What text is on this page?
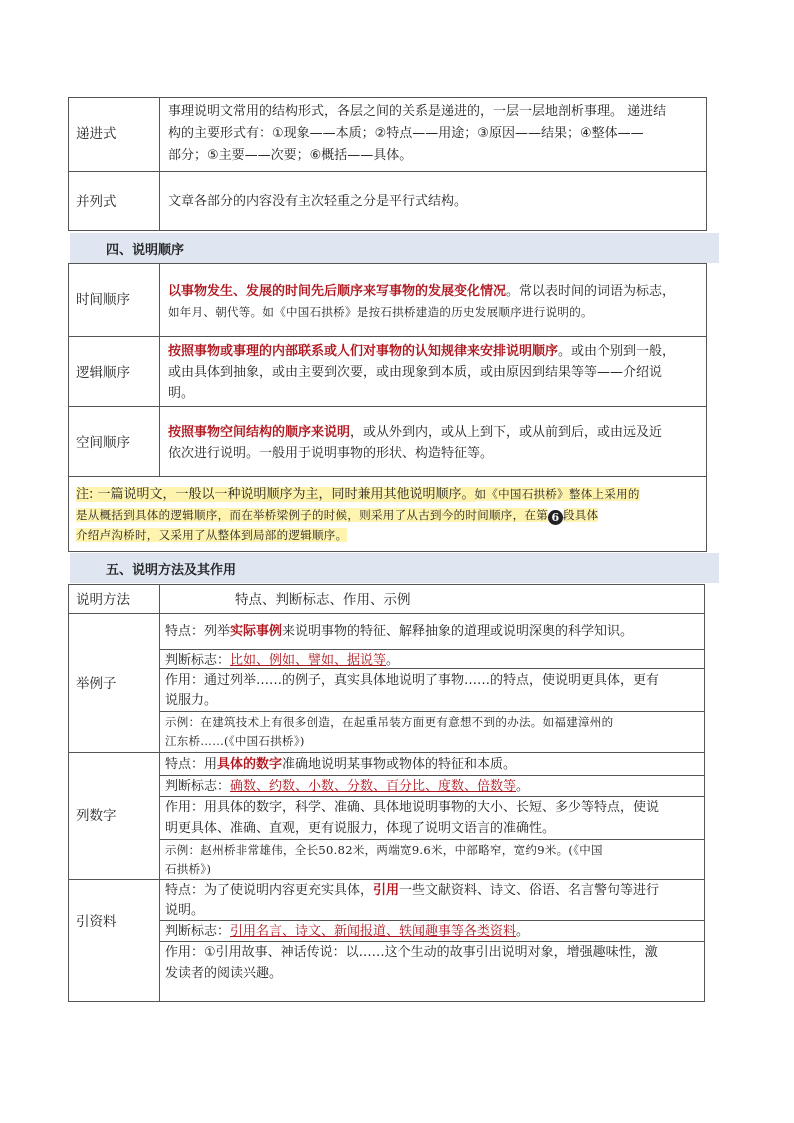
递进式
事理说明文常用的结构形式，各层之间的关系是递进的，一层一层地剖析事理。 递进结
构的主要形式有：①现象——本质；②特点——用途；③原因——结果；④整体——
部分；⑤主要——次要；⑥概括——具体。
并列式	文章各部分的内容没有主次轻重之分是平行式结构。
四、说明顺序
时间顺序
以事物发生、发展的时间先后顺序来写事物的发展变化情况。常以表时间的词语为标志，
如年月、朝代等。如《中国石拱桥》是按石拱桥建造的历史发展顺序进行说明的。
逻辑顺序
按照事物或事理的内部联系或人们对事物的认知规律来安排说明顺序。或由个别到一般，
或由具体到抽象，或由主要到次要，或由现象到本质，或由原因到结果等等——介绍说
明。
空间顺序
按照事物空间结构的顺序来说明，或从外到内，或从上到下，或从前到后，或由远及近
依次进行说明。一般用于说明事物的形状、构造特征等。
注: 一篇说明文，一般以一种说明顺序为主，同时兼用其他说明顺序。如《中国石拱桥》整体上采用的
是从概括到具体的逻辑顺序，而在举桥梁例子的时候，则采用了从古到今的时间顺序，在第 6 段具体
介绍卢沟桥时，又采用了从整体到局部的逻辑顺序。
五、说明方法及其作用
说明方法	特点、判断标志、作用、示例
举例子
特点：列举实际事例来说明事物的特征、解释抽象的道理或说明深奥的科学知识。
判断标志：比如、例如、譬如、据说等。
作用：通过列举……的例子，真实具体地说明了事物……的特点，使说明更具体，更有
说服力。
示例：在建筑技术上有很多创造，在起重吊装方面更有意想不到的办法。如福建漳州的
江东桥……(《中国石拱桥》)
列数字
特点：用具体的数字准确地说明某事物或物体的特征和本质。
判断标志：确数、约数、小数、分数、百分比、度数、倍数等。
作用：用具体的数字，科学、准确、具体地说明事物的大小、长短、多少等特点，使说
明更具体、准确、直观，更有说服力，体现了说明文语言的准确性。
示例：赵州桥非常雄伟，全长50.82米，两端宽9.6米，中部略窄，宽约9米。(《中国
石拱桥》)
引资料
特点：为了使说明内容更充实具体，引用一些文献资料、诗文、俗语、名言警句等进行
说明。
判断标志：引用名言、诗文、新闻报道、轶闻趣事等各类资料。
作用：①引用故事、神话传说：以……这个生动的故事引出说明对象，增强趣味性，激
发读者的阅读兴趣。
